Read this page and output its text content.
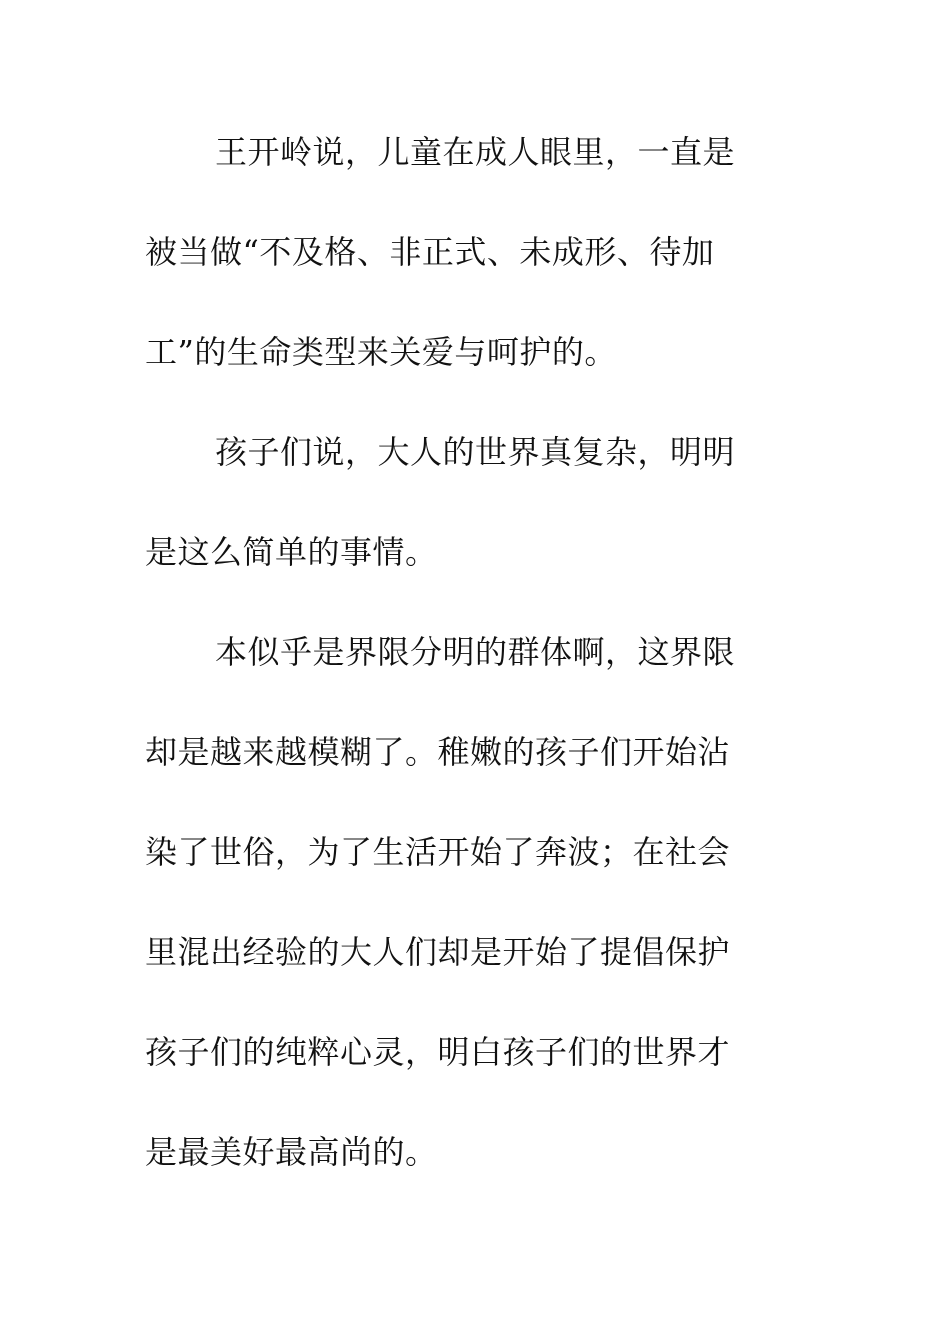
王开岭说，儿童在成人眼里，一直是
被当做“不及格、非正式、未成形、待加
工”的生命类型来关爱与呵护的。
孩子们说，大人的世界真复杂，明明
是这么简单的事情。
本似乎是界限分明的群体啊，这界限
却是越来越模糊了。稚嫩的孩子们开始沾
染了世俗，为了生活开始了奔波；在社会
里混出经验的大人们却是开始了提倡保护
孩子们的纯粹心灵，明白孩子们的世界才
是最美好最高尚的。
